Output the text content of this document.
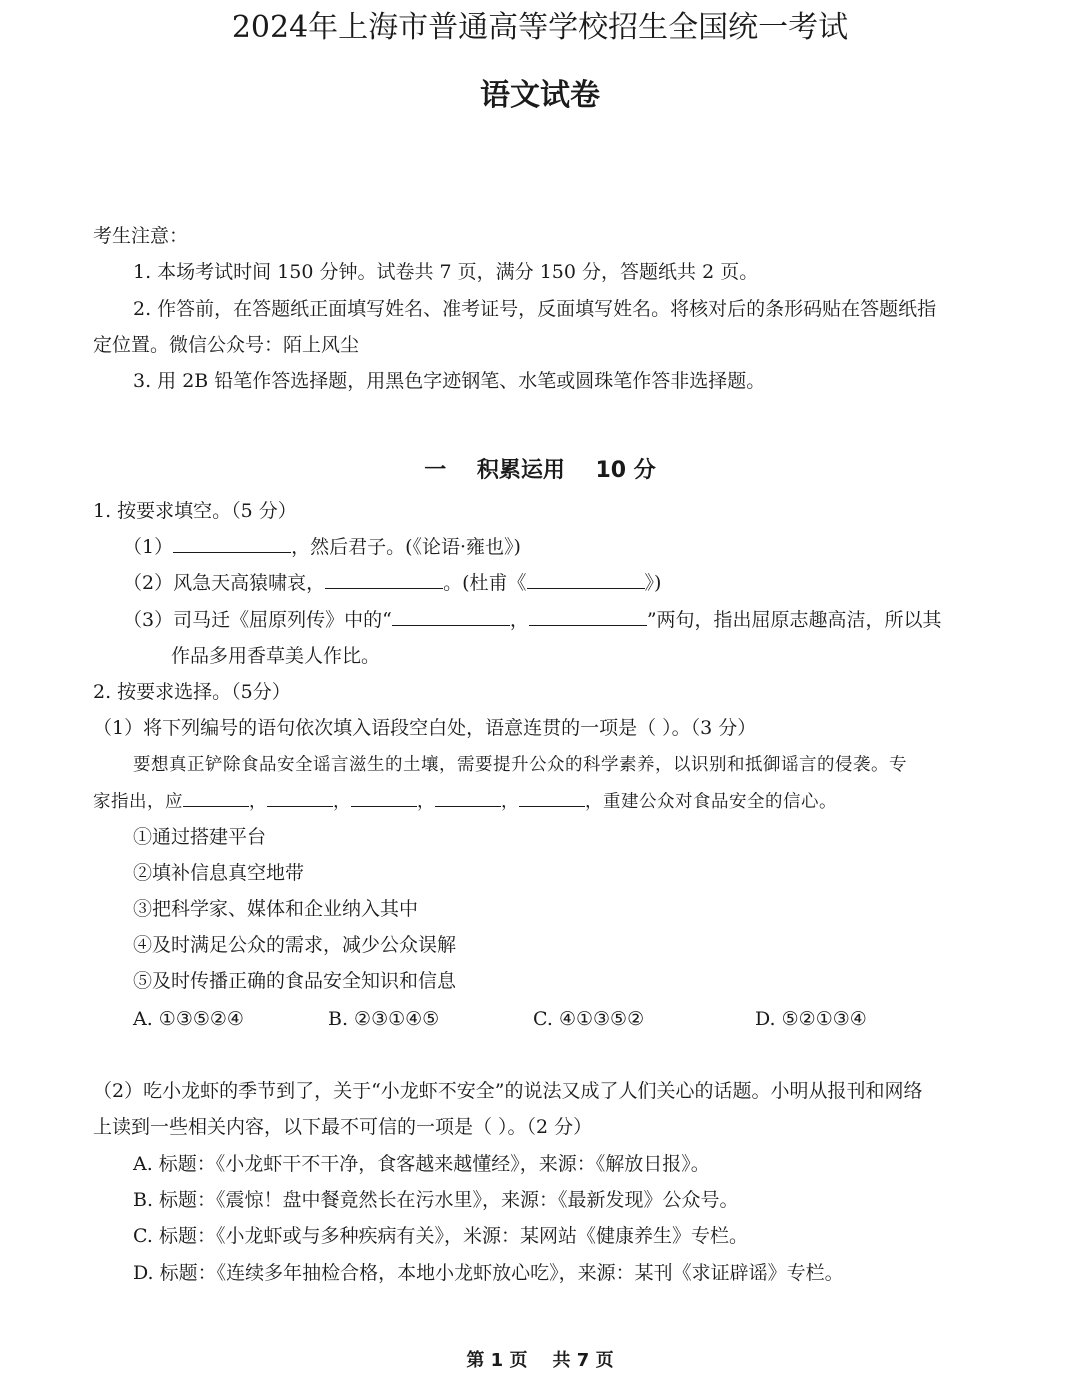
2024年上海市普通高等学校招生全国统一考试
语文试卷
考生注意：
1. 本场考试时间 150 分钟。试卷共 7 页，满分 150 分，答题纸共 2 页。
2. 作答前，在答题纸正面填写姓名、准考证号，反面填写姓名。将核对后的条形码贴在答题纸指
定位置。微信公众号：陌上风尘
3. 用 2B 铅笔作答选择题，用黑色字迹钢笔、水笔或圆珠笔作答非选择题。
一    积累运用    10 分
1. 按要求填空。（5 分）
（1）	，然后君子。(《论语·雍也》)
（2）风急天高猿啸哀，	。(杜甫《	》)
（3）司马迁《屈原列传》中的“	，	”两句，指出屈原志趣高洁，所以其
作品多用香草美人作比。
2. 按要求选择。（5分）
（1）将下列编号的语句依次填入语段空白处，语意连贯的一项是（ ）。（3 分）
要想真正铲除食品安全谣言滋生的土壤，需要提升公众的科学素养，以识别和抵御谣言的侵袭。专
家指出，应	，	，	，	，	，重建公众对食品安全的信心。
①通过搭建平台
②填补信息真空地带
③把科学家、媒体和企业纳入其中
④及时满足公众的需求，减少公众误解
⑤及时传播正确的食品安全知识和信息
A. ①③⑤②④	B. ②③①④⑤	C. ④①③⑤②	D. ⑤②①③④
（2）吃小龙虾的季节到了，关于“小龙虾不安全”的说法又成了人们关心的话题。小明从报刊和网络
上读到一些相关内容，以下最不可信的一项是（ ）。（2 分）
A. 标题：《小龙虾干不干净，食客越来越懂经》，来源：《解放日报》。
B. 标题：《震惊！盘中餐竟然长在污水里》，来源：《最新发现》公众号。
C. 标题：《小龙虾或与多种疾病有关》，米源：某网站《健康养生》专栏。
D. 标题：《连续多年抽检合格，本地小龙虾放心吃》，来源：某刊《求证辟谣》专栏。
第 1 页    共 7 页
